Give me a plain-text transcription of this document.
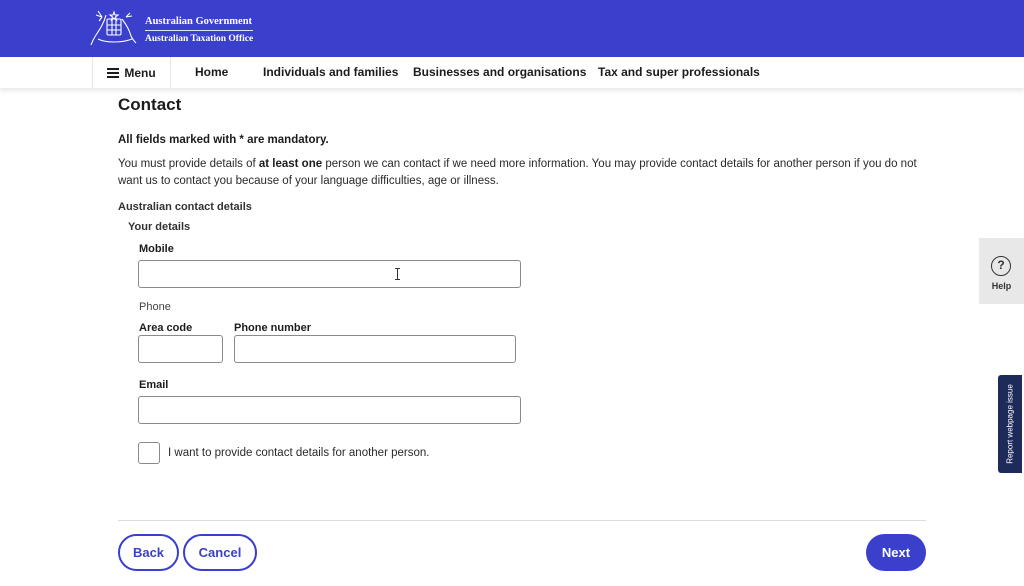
Australian Government
Australian Taxation Office
Menu	Home	Individuals and families Businesses and organisations Tax and super professionals
Contact

All fields marked with * are mandatory.

You must provide details of at least one person we can contact if we need more information. You may provide contact details for another person if you do not want us to contact you because of your language difficulties, age or illness.

Australian contact details
Your details
Mobile
Phone
Area code	Phone number
Email
I want to provide contact details for another person.
Back	Cancel	Next
?
Help
Report webpage issue
